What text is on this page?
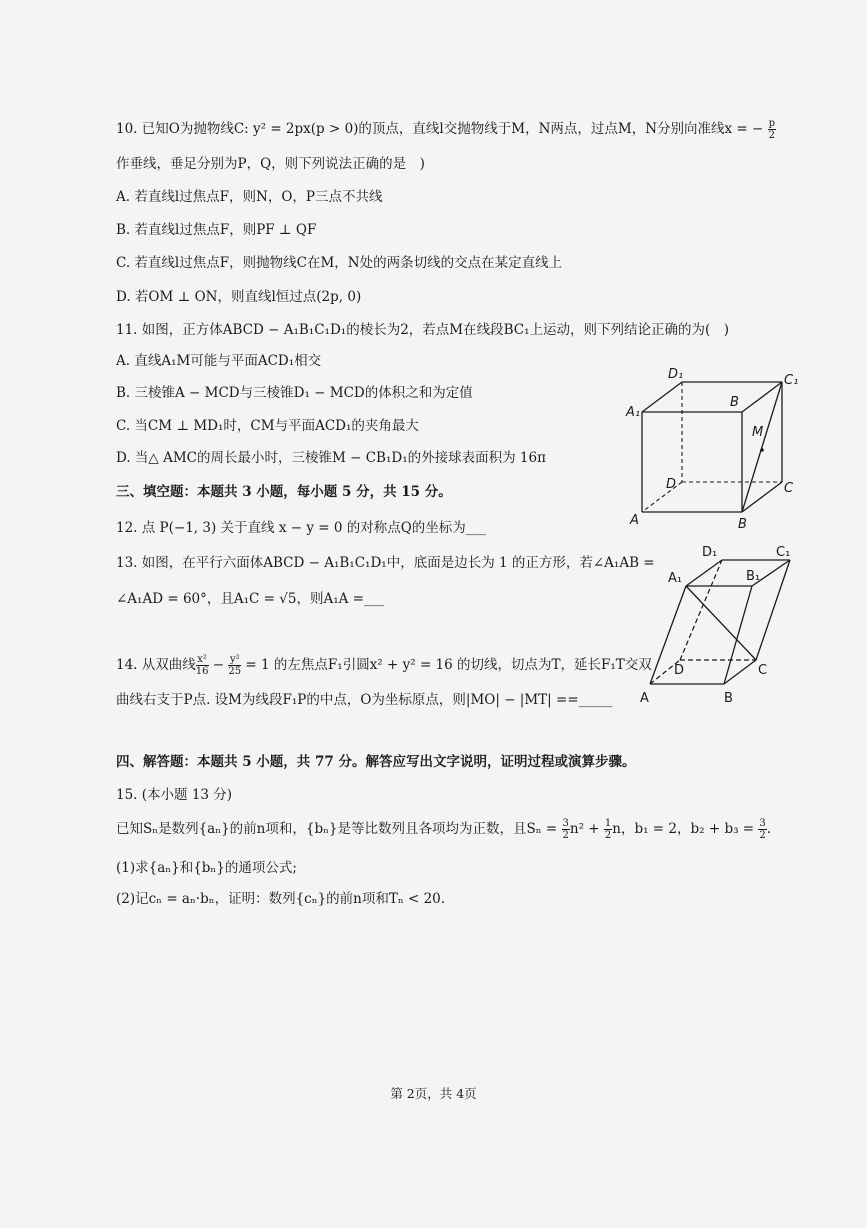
10. 已知O为抛物线C: y² = 2px(p > 0)的顶点，直线l交抛物线于M，N两点，过点M，N分别向准线x = − $\frac{p}{2}$
作垂线，垂足分别为P，Q，则下列说法正确的是　)
A. 若直线l过焦点F，则N，O，P三点不共线
B. 若直线l过焦点F，则PF ⊥ QF
C. 若直线l过焦点F，则抛物线C在M，N处的两条切线的交点在某定直线上
D. 若OM ⊥ ON，则直线l恒过点(2p, 0)
11. 如图，正方体ABCD − A₁B₁C₁D₁的棱长为2，若点M在线段BC₁上运动，则下列结论正确的为(　)
A. 直线A₁M可能与平面ACD₁相交
B. 三棱锥A − MCD与三棱锥D₁ − MCD的体积之和为定值
C. 当CM ⊥ MD₁时，CM与平面ACD₁的夹角最大
D. 当△ AMC的周长最小时，三棱锥M − CB₁D₁的外接球表面积为 16π
三、填空题：本题共 3 小题，每小题 5 分，共 15 分。
12. 点 P(−1, 3) 关于直线 x − y = 0 的对称点Q的坐标为___
13. 如图，在平行六面体ABCD − A₁B₁C₁D₁中，底面是边长为 1 的正方形，若∠A₁AB =
∠A₁AD = 60°，且A₁C = √5，则A₁A =___
14. 从双曲线 $\frac{\text{x²}}{16} - \frac{\text{y²}}{25} = 1$ 的左焦点F₁引圆x² + y² = 16 的切线，切点为T，延长F₁T交双
曲线右支于P点. 设M为线段F₁P的中点，O为坐标原点，则|MO| − |MT| ==_____
四、解答题：本题共 5 小题，共 77 分。解答应写出文字说明，证明过程或演算步骤。
15. (本小题 13 分)
已知Sₙ是数列{aₙ}的前n项和，{bₙ}是等比数列且各项均为正数，且$S_n = \frac{3}{2} n^2 + \frac{1}{2}$ n，b₁ = 2，$b_2 + b_3 = \frac{3}{2}$ .
(1)求{aₙ}和{bₙ}的通项公式;
(2)记cₙ = aₙ·bₙ，证明：数列{cₙ}的前n项和Tₙ < 20.
D₁	C₁
A₁
B
M
D	C
A	B
D₁	C₁
A₁	B₁
D	C
A	B
第 2页，共 4页
